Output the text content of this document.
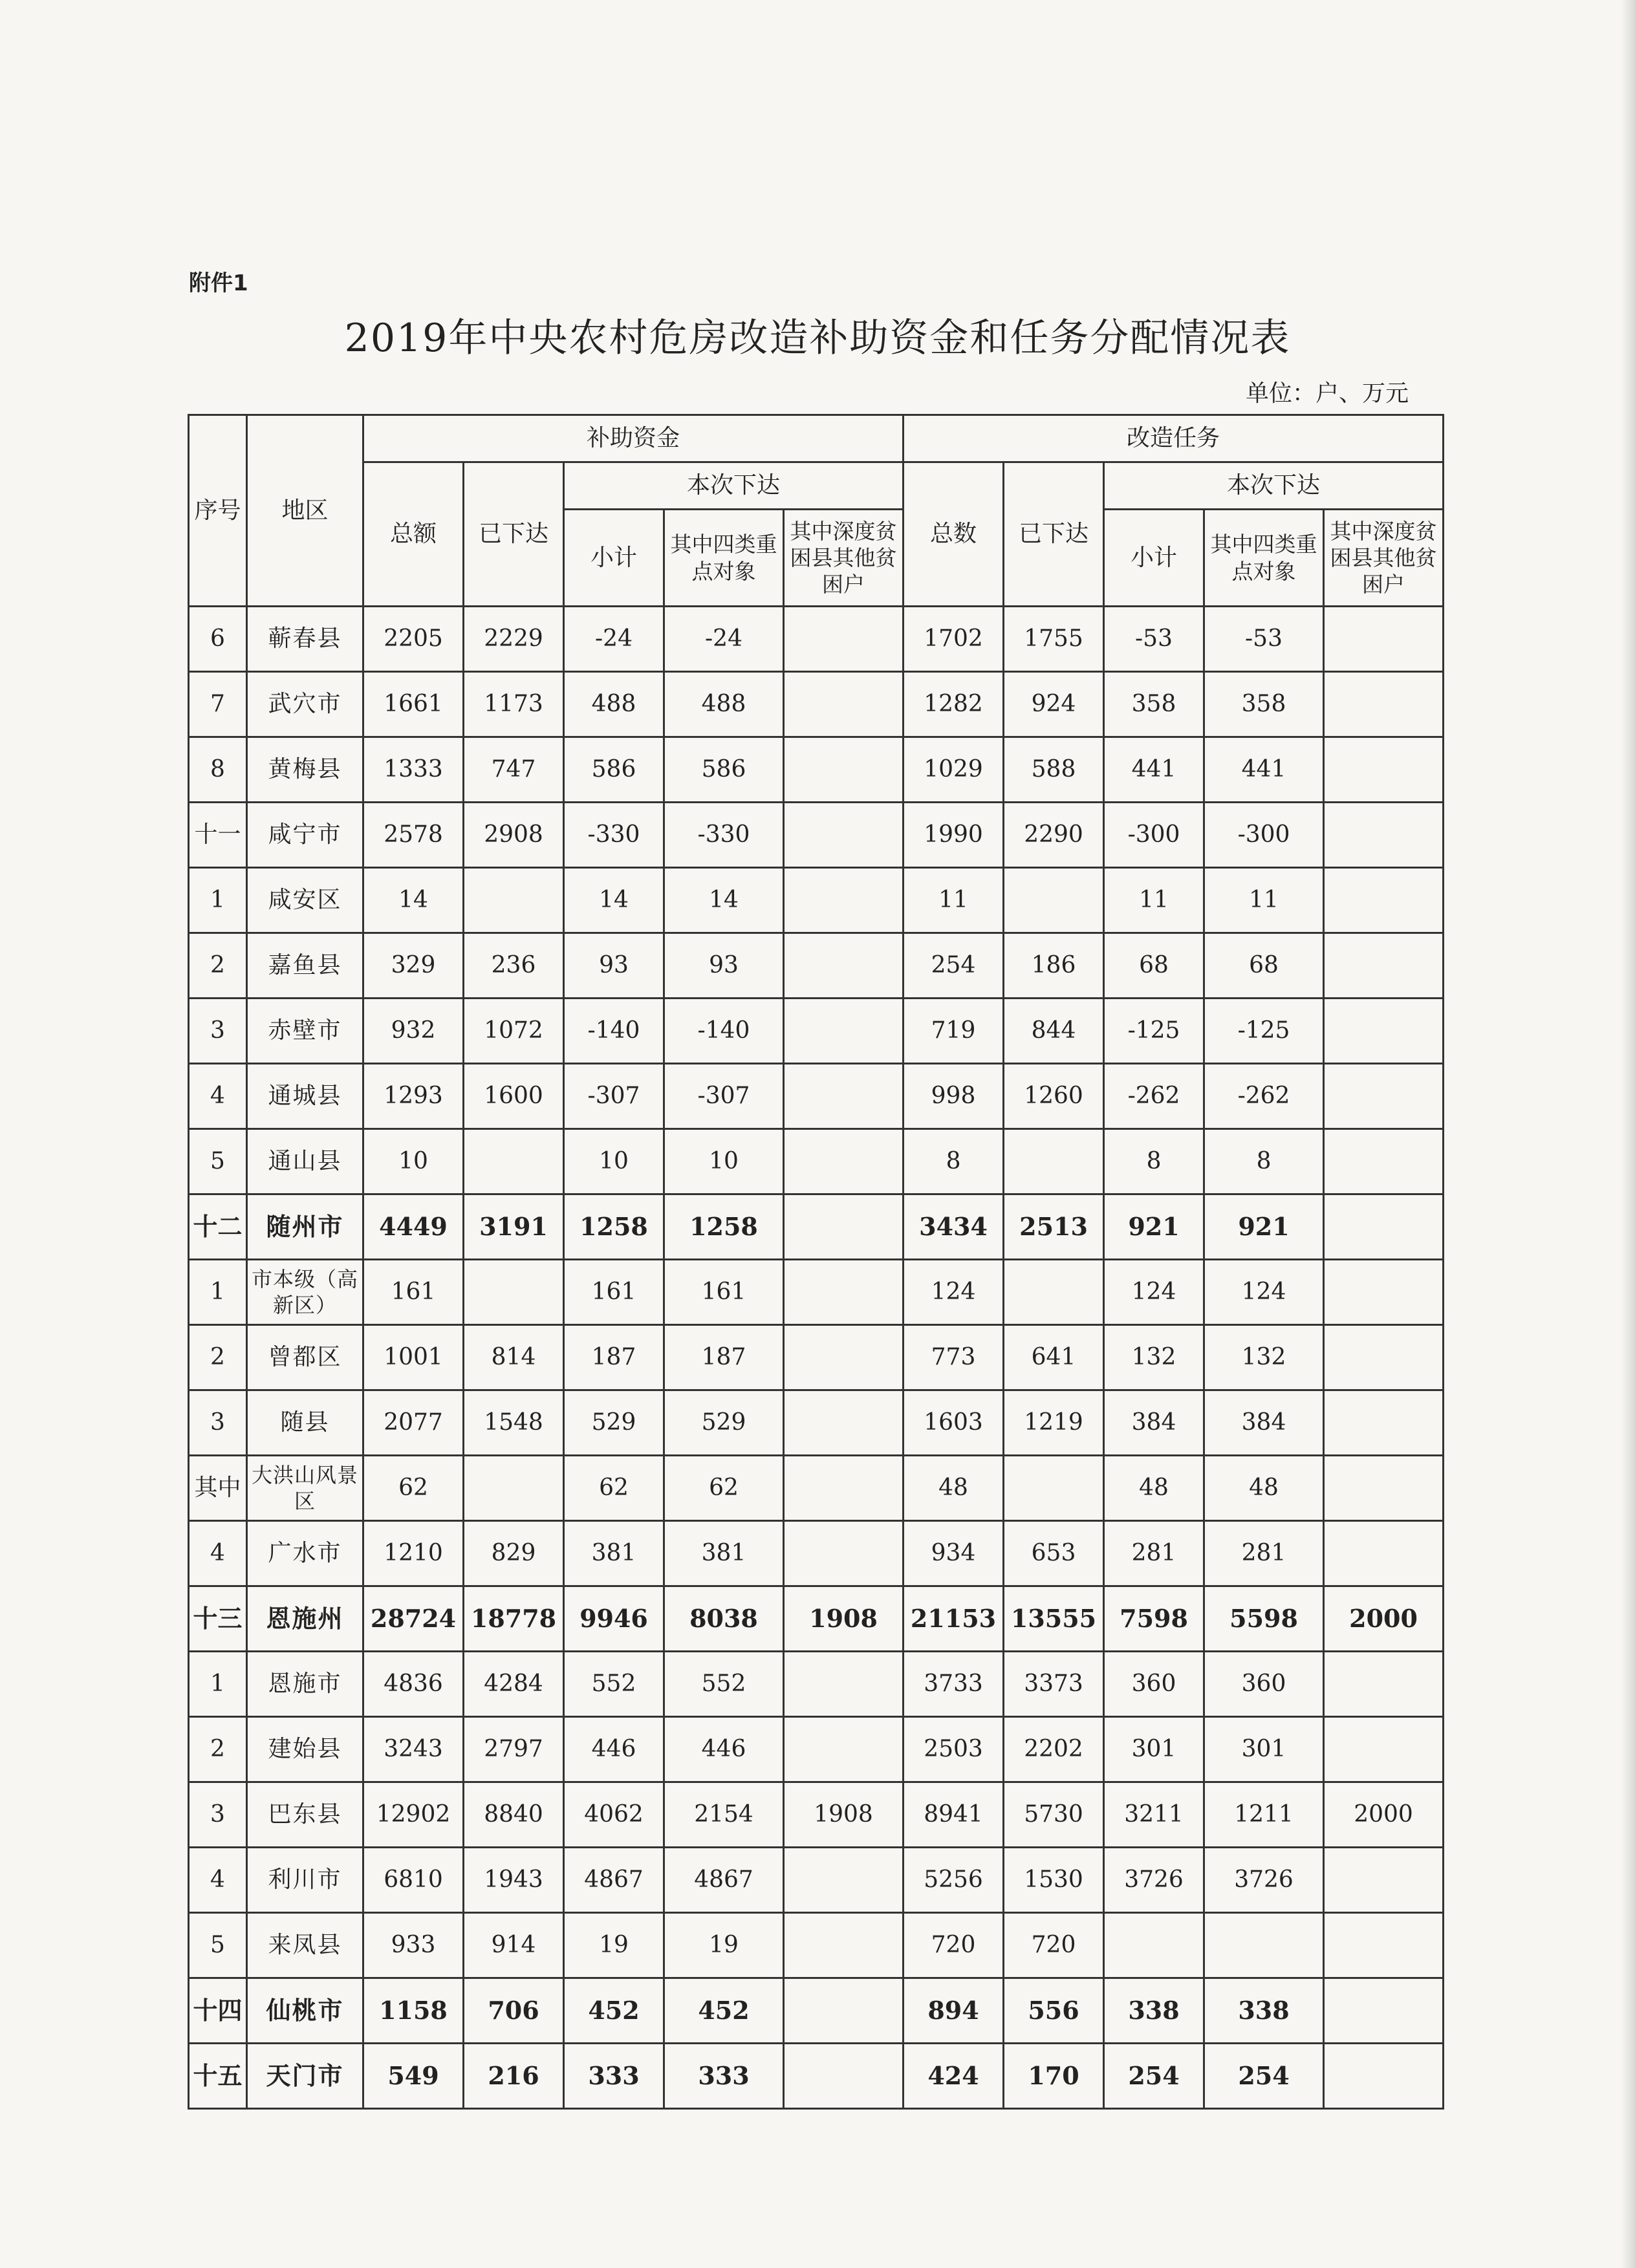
附件1
2019年中央农村危房改造补助资金和任务分配情况表
单位：户、万元
序号	地区	补助资金					改造任务				
		总额	已下达	本次下达			总数	已下达	本次下达		
				小计	其中四类重点对象	其中深度贫困县其他贫困户			小计	其中四类重点对象	其中深度贫困县其他贫困户
6	蕲春县	2205	2229	-24	-24		1702	1755	-53	-53	
7	武穴市	1661	1173	488	488		1282	924	358	358	
8	黄梅县	1333	747	586	586		1029	588	441	441	
十一	咸宁市	2578	2908	-330	-330		1990	2290	-300	-300	
1	咸安区	14		14	14		11		11	11	
2	嘉鱼县	329	236	93	93		254	186	68	68	
3	赤壁市	932	1072	-140	-140		719	844	-125	-125	
4	通城县	1293	1600	-307	-307		998	1260	-262	-262	
5	通山县	10		10	10		8		8	8	
十二	随州市	4449	3191	1258	1258		3434	2513	921	921	
1	市本级（高新区）	161		161	161		124		124	124	
2	曾都区	1001	814	187	187		773	641	132	132	
3	随县	2077	1548	529	529		1603	1219	384	384	
其中	大洪山风景区	62		62	62		48		48	48	
4	广水市	1210	829	381	381		934	653	281	281	
十三	恩施州	28724	18778	9946	8038	1908	21153	13555	7598	5598	2000
1	恩施市	4836	4284	552	552		3733	3373	360	360	
2	建始县	3243	2797	446	446		2503	2202	301	301	
3	巴东县	12902	8840	4062	2154	1908	8941	5730	3211	1211	2000
4	利川市	6810	1943	4867	4867		5256	1530	3726	3726	
5	来凤县	933	914	19	19		720	720			
十四	仙桃市	1158	706	452	452		894	556	338	338	
十五	天门市	549	216	333	333		424	170	254	254	
